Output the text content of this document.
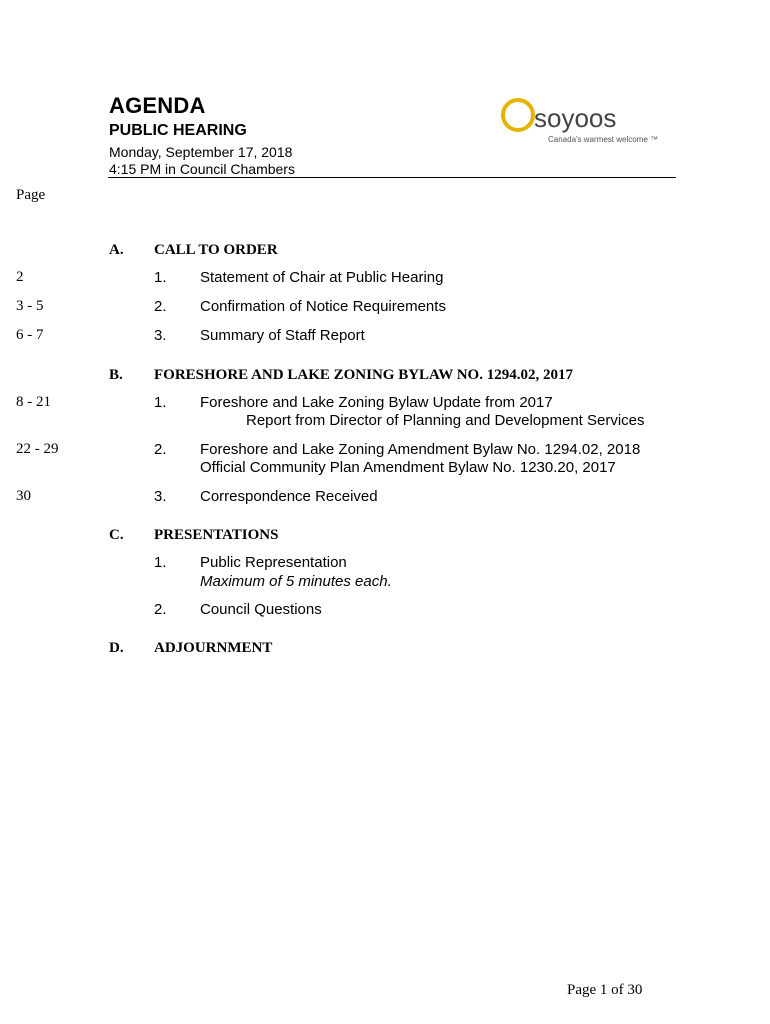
AGENDA
PUBLIC HEARING
Monday, September 17, 2018
4:15 PM in Council Chambers
soyoos
Canada's warmest welcome ™
Page
A. CALL TO ORDER
2	1. Statement of Chair at Public Hearing
3 - 5	2. Confirmation of Notice Requirements
6 - 7	3. Summary of Staff Report
B. FORESHORE AND LAKE ZONING BYLAW NO. 1294.02, 2017
8 - 21	1. Foreshore and Lake Zoning Bylaw Update from 2017
Report from Director of Planning and Development Services
22 - 29	2. Foreshore and Lake Zoning Amendment Bylaw No. 1294.02, 2018
Official Community Plan Amendment Bylaw No. 1230.20, 2017
30	3. Correspondence Received
C. PRESENTATIONS
1. Public Representation
Maximum of 5 minutes each.
2. Council Questions
D. ADJOURNMENT
Page 1 of 30
